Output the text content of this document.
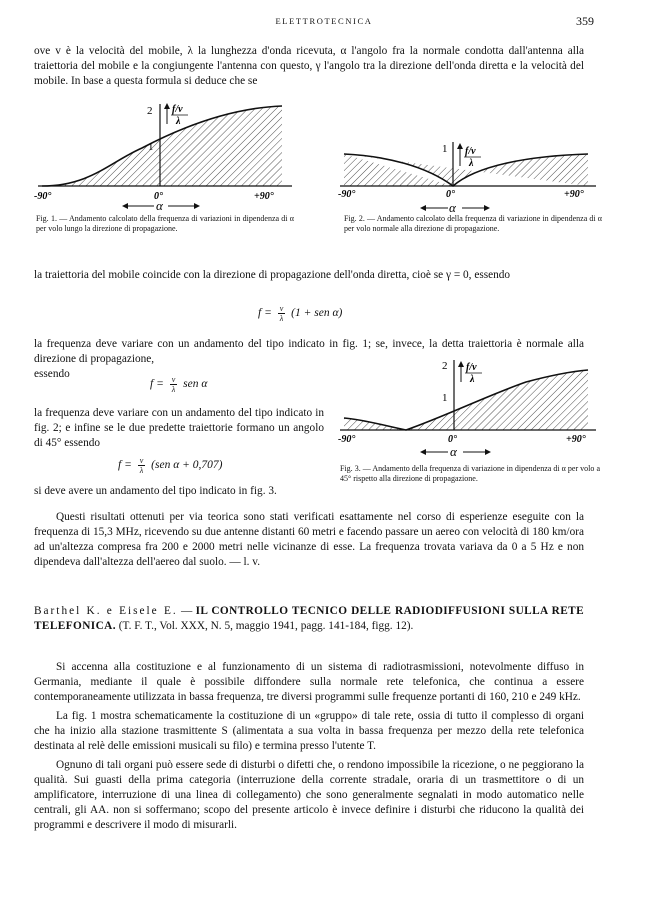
ELETTROTECNICA	359

ove v è la velocità del mobile, λ la lunghezza d'onda ricevuta, α l'angolo fra la normale condotta dall'antenna alla traiettoria del mobile e la congiungente l'antenna con questo, γ l'angolo tra la direzione dell'onda diretta e la velocità del mobile. In base a questa formula si deduce che se

2
1
f/v
λ
-90°	0°	+90°
α
Fig. 1. — Andamento calcolato della frequenza di variazioni in dipendenza di α per volo lungo la direzione di propagazione.
1 f/v
λ
-90°	0°	+90°
α
Fig. 2. — Andamento calcolato della frequenza di variazione in dipendenza di α per volo normale alla direzione di propagazione.

la traiettoria del mobile coincide con la direzione di propagazione dell'onda diretta, cioè se γ = 0, essendo

$f = \frac{v}{\lambda} (1$ + sen α)

la frequenza deve variare con un andamento del tipo indicato in fig. 1; se, invece, la detta traiettoria è normale alla direzione di propagazione,

essendo
$f = \frac{v}{\lambda}$ sen α

la frequenza deve variare con un andamento del tipo indicato in fig. 2; e infine se le due predette traiettorie formano un angolo di 45° essendo

$f = \frac{v}{\lambda} (sen$ α + 0,707)

si deve avere un andamento del tipo indicato in fig. 3.

2
1
f/v
λ
-90°	0°	+90°
α
Fig. 3. — Andamento della frequenza di variazione in dipendenza di α per volo a 45° rispetto alla direzione di propagazione.

Questi risultati ottenuti per via teorica sono stati verificati esattamente nel corso di esperienze eseguite con la frequenza di 15,3 MHz, ricevendo su due antenne distanti 60 metri e facendo passare un aereo con velocità di 180 km/ora ad un'altezza compresa fra 200 e 2000 metri nelle vicinanze di esse. La frequenza trovata variava da 0 a 5 Hz e non dipendeva dall'altezza dell'aereo dal suolo. — l. v.

Barthel K. e Eisele E. — IL CONTROLLO TECNICO DELLE RADIODIFFUSIONI SULLA RETE TELEFONICA. (T. F. T., Vol. XXX, N. 5, maggio 1941, pagg. 141-184, figg. 12).

Si accenna alla costituzione e al funzionamento di un sistema di radiotrasmissioni, notevolmente diffuso in Germania, mediante il quale è possibile diffondere sulla normale rete telefonica, che continua a essere contemporaneamente utilizzata in bassa frequenza, tre diversi programmi sulle frequenze portanti di 160, 210 e 249 kHz.

La fig. 1 mostra schematicamente la costituzione di un «gruppo» di tale rete, ossia di tutto il complesso di organi che ha inizio alla stazione trasmittente S (alimentata a sua volta in bassa frequenza per mezzo della rete telefonica destinata al relè delle emissioni musicali su filo) e termina presso l'utente T.

Ognuno di tali organi può essere sede di disturbi o difetti che, o rendono impossibile la ricezione, o ne peggiorano la qualità. Sui guasti della prima categoria (interruzione della corrente stradale, oraria di un trasmettitore o di un amplificatore, interruzione di una linea di collegamento) che sono generalmente segnalati in modo automatico nelle centrali, gli AA. non si soffermano; scopo del presente articolo è invece definire i disturbi che riducono la qualità dei programmi e descrivere il modo di misurarli.
